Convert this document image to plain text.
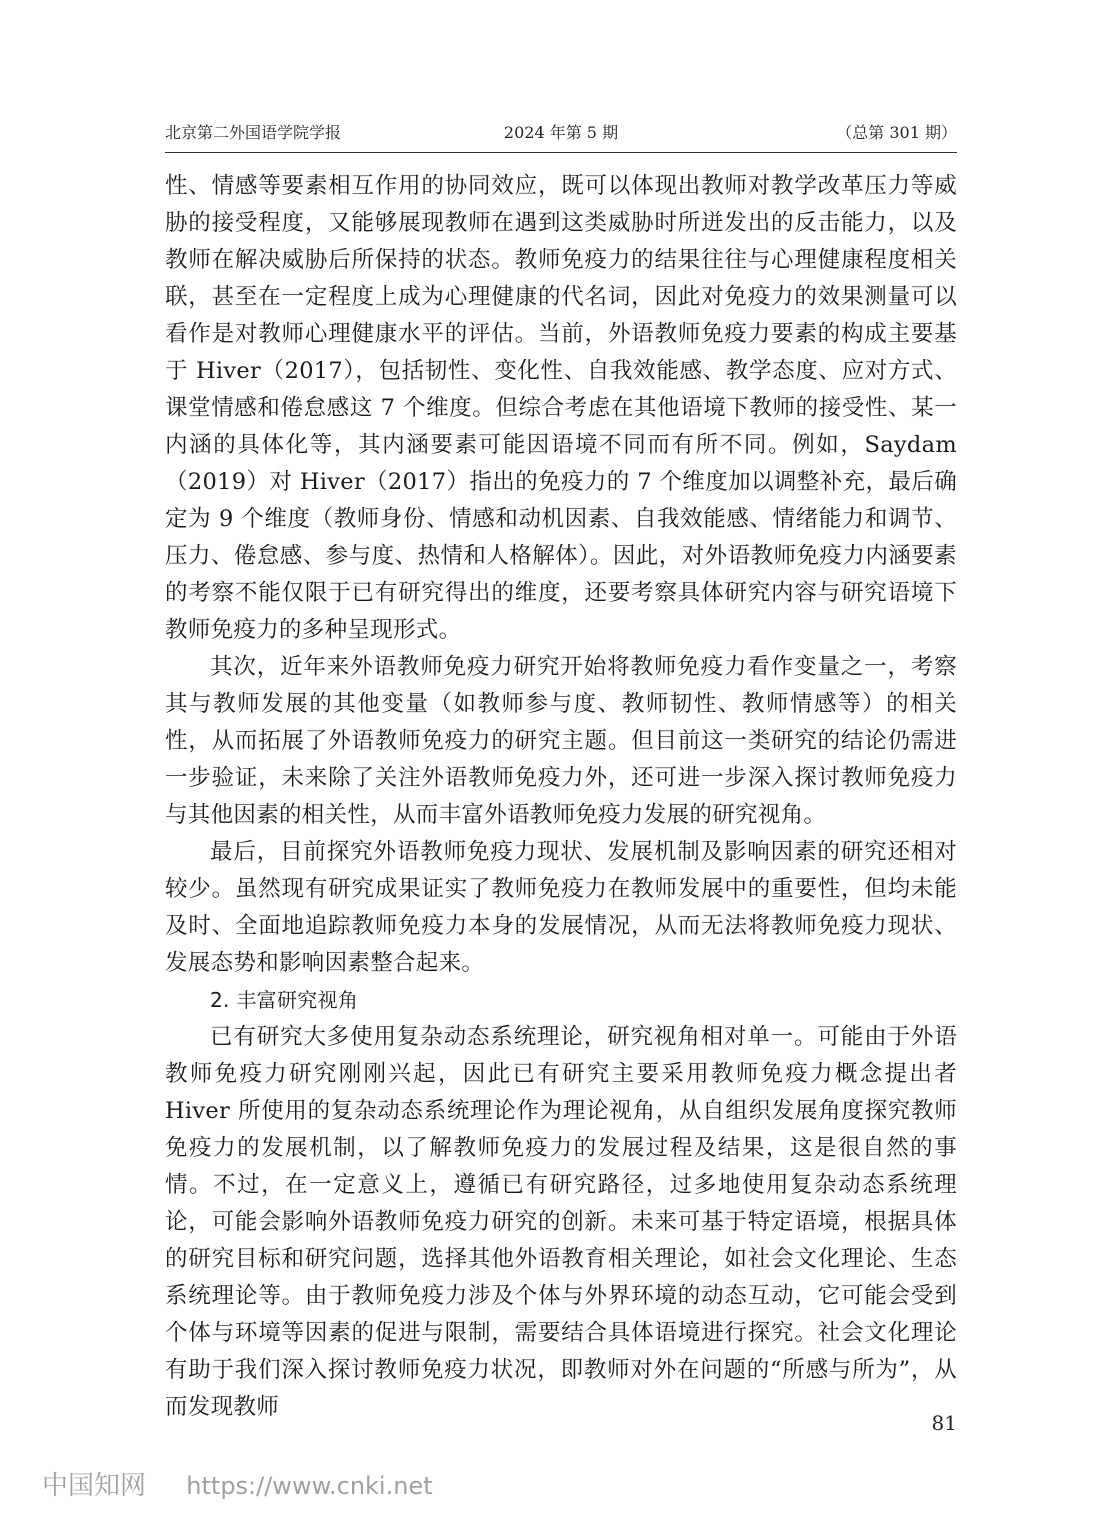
北京第二外国语学院学报	2024 年第 5 期	（总第 301 期）

性、情感等要素相互作用的协同效应，既可以体现出教师对教学改革压力等威胁的接受程度，又能够展现教师在遇到这类威胁时所迸发出的反击能力，以及教师在解决威胁后所保持的状态。教师免疫力的结果往往与心理健康程度相关联，甚至在一定程度上成为心理健康的代名词，因此对免疫力的效果测量可以看作是对教师心理健康水平的评估。当前，外语教师免疫力要素的构成主要基于 Hiver（2017），包括韧性、变化性、自我效能感、教学态度、应对方式、课堂情感和倦怠感这 7 个维度。但综合考虑在其他语境下教师的接受性、某一内涵的具体化等，其内涵要素可能因语境不同而有所不同。例如，Saydam（2019）对 Hiver（2017）指出的免疫力的 7 个维度加以调整补充，最后确定为 9 个维度（教师身份、情感和动机因素、自我效能感、情绪能力和调节、压力、倦怠感、参与度、热情和人格解体）。因此，对外语教师免疫力内涵要素的考察不能仅限于已有研究得出的维度，还要考察具体研究内容与研究语境下教师免疫力的多种呈现形式。

其次，近年来外语教师免疫力研究开始将教师免疫力看作变量之一，考察其与教师发展的其他变量（如教师参与度、教师韧性、教师情感等）的相关性，从而拓展了外语教师免疫力的研究主题。但目前这一类研究的结论仍需进一步验证，未来除了关注外语教师免疫力外，还可进一步深入探讨教师免疫力与其他因素的相关性，从而丰富外语教师免疫力发展的研究视角。

最后，目前探究外语教师免疫力现状、发展机制及影响因素的研究还相对较少。虽然现有研究成果证实了教师免疫力在教师发展中的重要性，但均未能及时、全面地追踪教师免疫力本身的发展情况，从而无法将教师免疫力现状、发展态势和影响因素整合起来。

2. 丰富研究视角

已有研究大多使用复杂动态系统理论，研究视角相对单一。可能由于外语教师免疫力研究刚刚兴起，因此已有研究主要采用教师免疫力概念提出者 Hiver 所使用的复杂动态系统理论作为理论视角，从自组织发展角度探究教师免疫力的发展机制，以了解教师免疫力的发展过程及结果，这是很自然的事情。不过，在一定意义上，遵循已有研究路径，过多地使用复杂动态系统理论，可能会影响外语教师免疫力研究的创新。未来可基于特定语境，根据具体的研究目标和研究问题，选择其他外语教育相关理论，如社会文化理论、生态系统理论等。由于教师免疫力涉及个体与外界环境的动态互动，它可能会受到个体与环境等因素的促进与限制，需要结合具体语境进行探究。社会文化理论有助于我们深入探讨教师免疫力状况，即教师对外在问题的“所感与所为”，从而发现教师

81
中国知网 https://www.cnki.net
